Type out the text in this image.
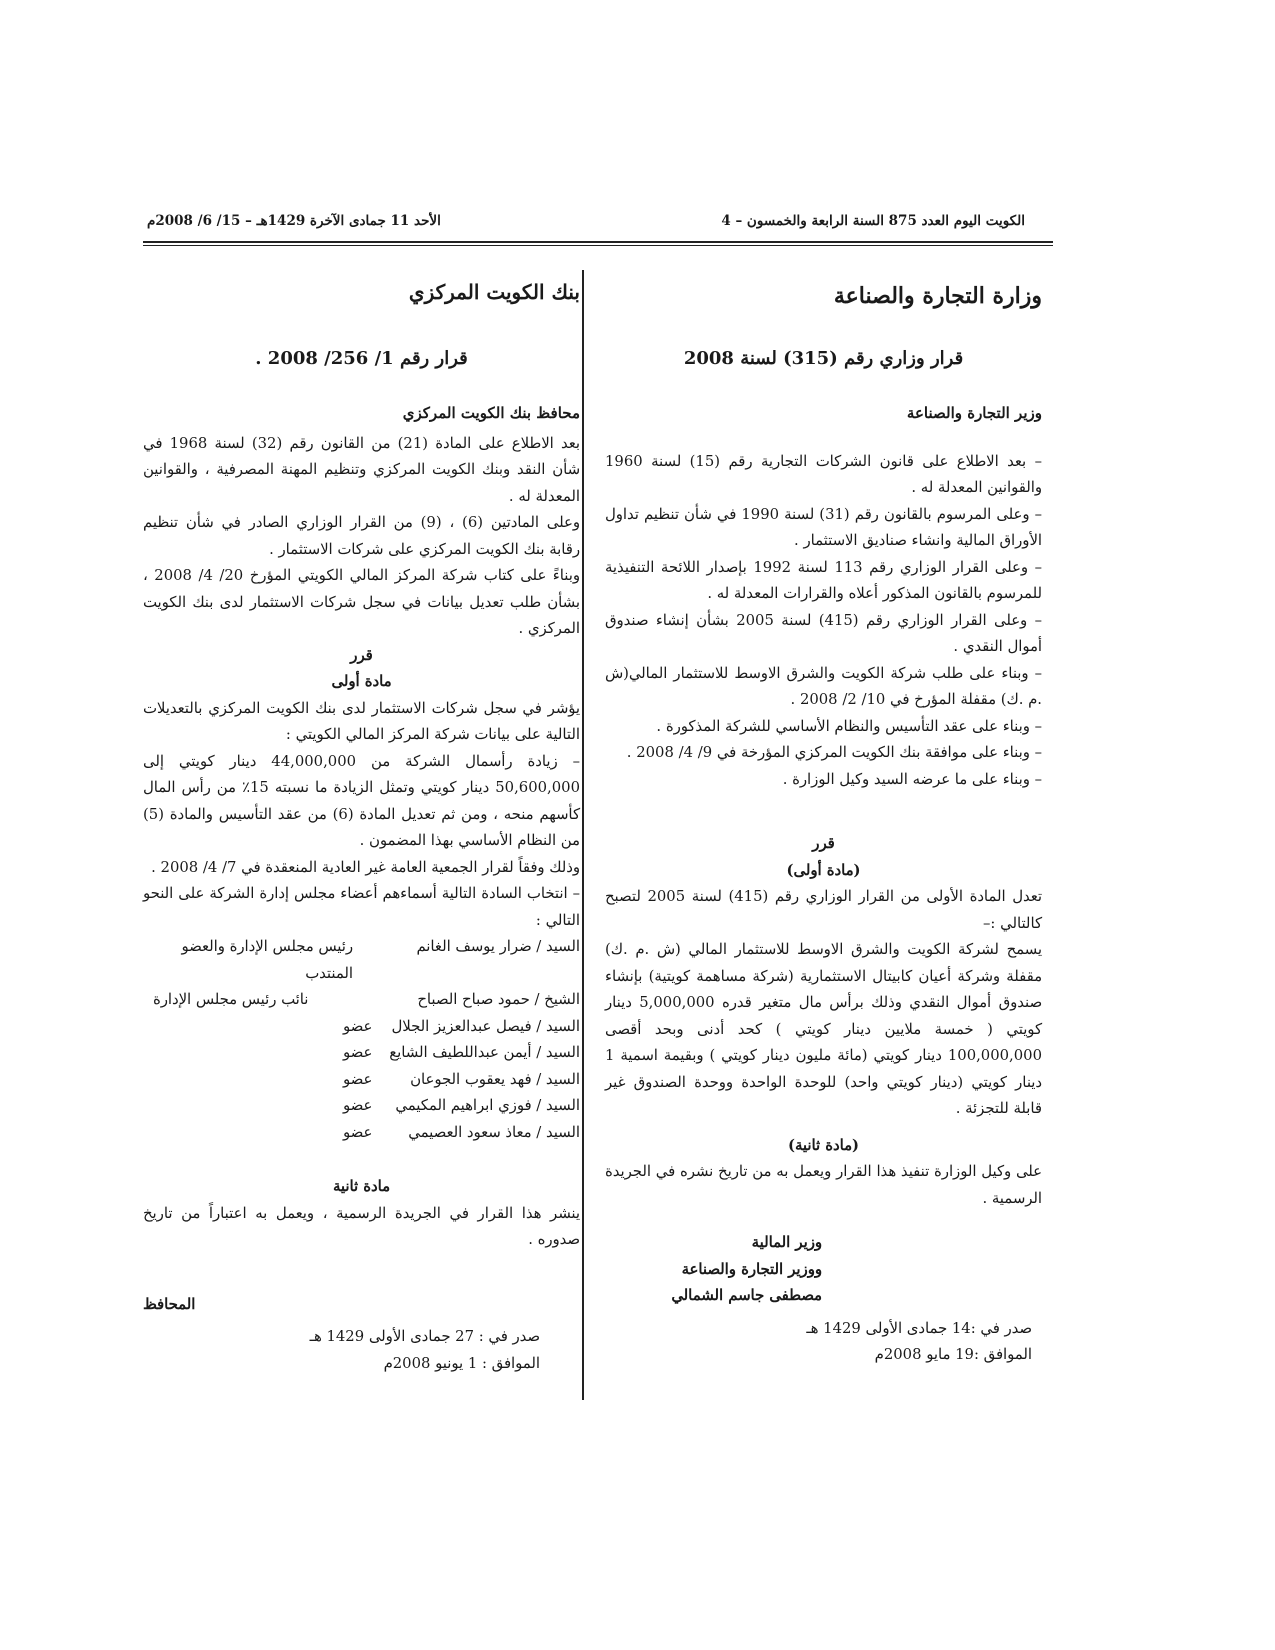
الكويت اليوم العدد 875 السنة الرابعة والخمسون – 4
الأحد 11 جمادى الآخرة 1429هـ – 15/ 6/ 2008م
وزارة التجارة والصناعة
قرار وزاري رقم (315) لسنة 2008
وزير التجارة والصناعة
– بعد الاطلاع على قانون الشركات التجارية رقم (15) لسنة 1960 والقوانين المعدلة له .
– وعلى المرسوم بالقانون رقم (31) لسنة 1990 في شأن تنظيم تداول الأوراق المالية وانشاء صناديق الاستثمار .
– وعلى القرار الوزاري رقم 113 لسنة 1992 بإصدار اللائحة التنفيذية للمرسوم بالقانون المذكور أعلاه والقرارات المعدلة له .
– وعلى القرار الوزاري رقم (415) لسنة 2005 بشأن إنشاء صندوق أموال النقدي .
– وبناء على طلب شركة الكويت والشرق الاوسط للاستثمار المالي(ش .م .ك) مقفلة المؤرخ في 10/ 2/ 2008 .
– وبناء على عقد التأسيس والنظام الأساسي للشركة المذكورة .
– وبناء على موافقة بنك الكويت المركزي المؤرخة في 9/ 4/ 2008 .
– وبناء على ما عرضه السيد وكيل الوزارة .
قرر
(مادة أولى)
تعدل المادة الأولى من القرار الوزاري رقم (415) لسنة 2005 لتصبح كالتالي :–
يسمح لشركة الكويت والشرق الاوسط للاستثمار المالي (ش .م .ك) مقفلة وشركة أعيان كابيتال الاستثمارية (شركة مساهمة كويتية) بإنشاء صندوق أموال النقدي وذلك برأس مال متغير قدره 5,000,000 دينار كويتي ( خمسة ملايين دينار كويتي ) كحد أدنى وبحد أقصى 100,000,000 دينار كويتي (مائة مليون دينار كويتي ) وبقيمة اسمية 1 دينار كويتي (دينار كويتي واحد) للوحدة الواحدة ووحدة الصندوق غير قابلة للتجزئة .
(مادة ثانية)
على وكيل الوزارة تنفيذ هذا القرار ويعمل به من تاريخ نشره في الجريدة الرسمية .
وزير المالية
ووزير التجارة والصناعة
مصطفى جاسم الشمالي
صدر في :14 جمادى الأولى 1429 هـ
الموافق :19 مايو 2008م
بنك الكويت المركزي
قرار رقم 1/ 256/ 2008 .
محافظ بنك الكويت المركزي
بعد الاطلاع على المادة (21) من القانون رقم (32) لسنة 1968 في شأن النقد وبنك الكويت المركزي وتنظيم المهنة المصرفية ، والقوانين المعدلة له .
وعلى المادتين (6) ، (9) من القرار الوزاري الصادر في شأن تنظيم رقابة بنك الكويت المركزي على شركات الاستثمار .
وبناءً على كتاب شركة المركز المالي الكويتي المؤرخ 20/ 4/ 2008 ، بشأن طلب تعديل بيانات في سجل شركات الاستثمار لدى بنك الكويت المركزي .
قرر
مادة أولى
يؤشر في سجل شركات الاستثمار لدى بنك الكويت المركزي بالتعديلات التالية على بيانات شركة المركز المالي الكويتي :
– زيادة رأسمال الشركة من 44,000,000 دينار كويتي إلى 50,600,000 دينار كويتي وتمثل الزيادة ما نسبته 15٪ من رأس المال كأسهم منحه ، ومن ثم تعديل المادة (6) من عقد التأسيس والمادة (5) من النظام الأساسي بهذا المضمون .
وذلك وفقاً لقرار الجمعية العامة غير العادية المنعقدة في 7/ 4/ 2008 .
– انتخاب السادة التالية أسماءهم أعضاء مجلس إدارة الشركة على النحو التالي :
السيد / ضرار يوسف الغانم
رئيس مجلس الإدارة والعضو المنتدب
الشيخ / حمود صباح الصباح
نائب رئيس مجلس الإدارة
السيد / فيصل عبدالعزيز الجلال
عضو
السيد / أيمن عبداللطيف الشايع
عضو
السيد / فهد يعقوب الجوعان
عضو
السيد / فوزي ابراهيم المكيمي
عضو
السيد / معاذ سعود العصيمي
عضو
مادة ثانية
ينشر هذا القرار في الجريدة الرسمية ، ويعمل به اعتباراً من تاريخ صدوره .
المحافظ
صدر في : 27 جمادى الأولى 1429 هـ
الموافق : 1 يونيو 2008م
